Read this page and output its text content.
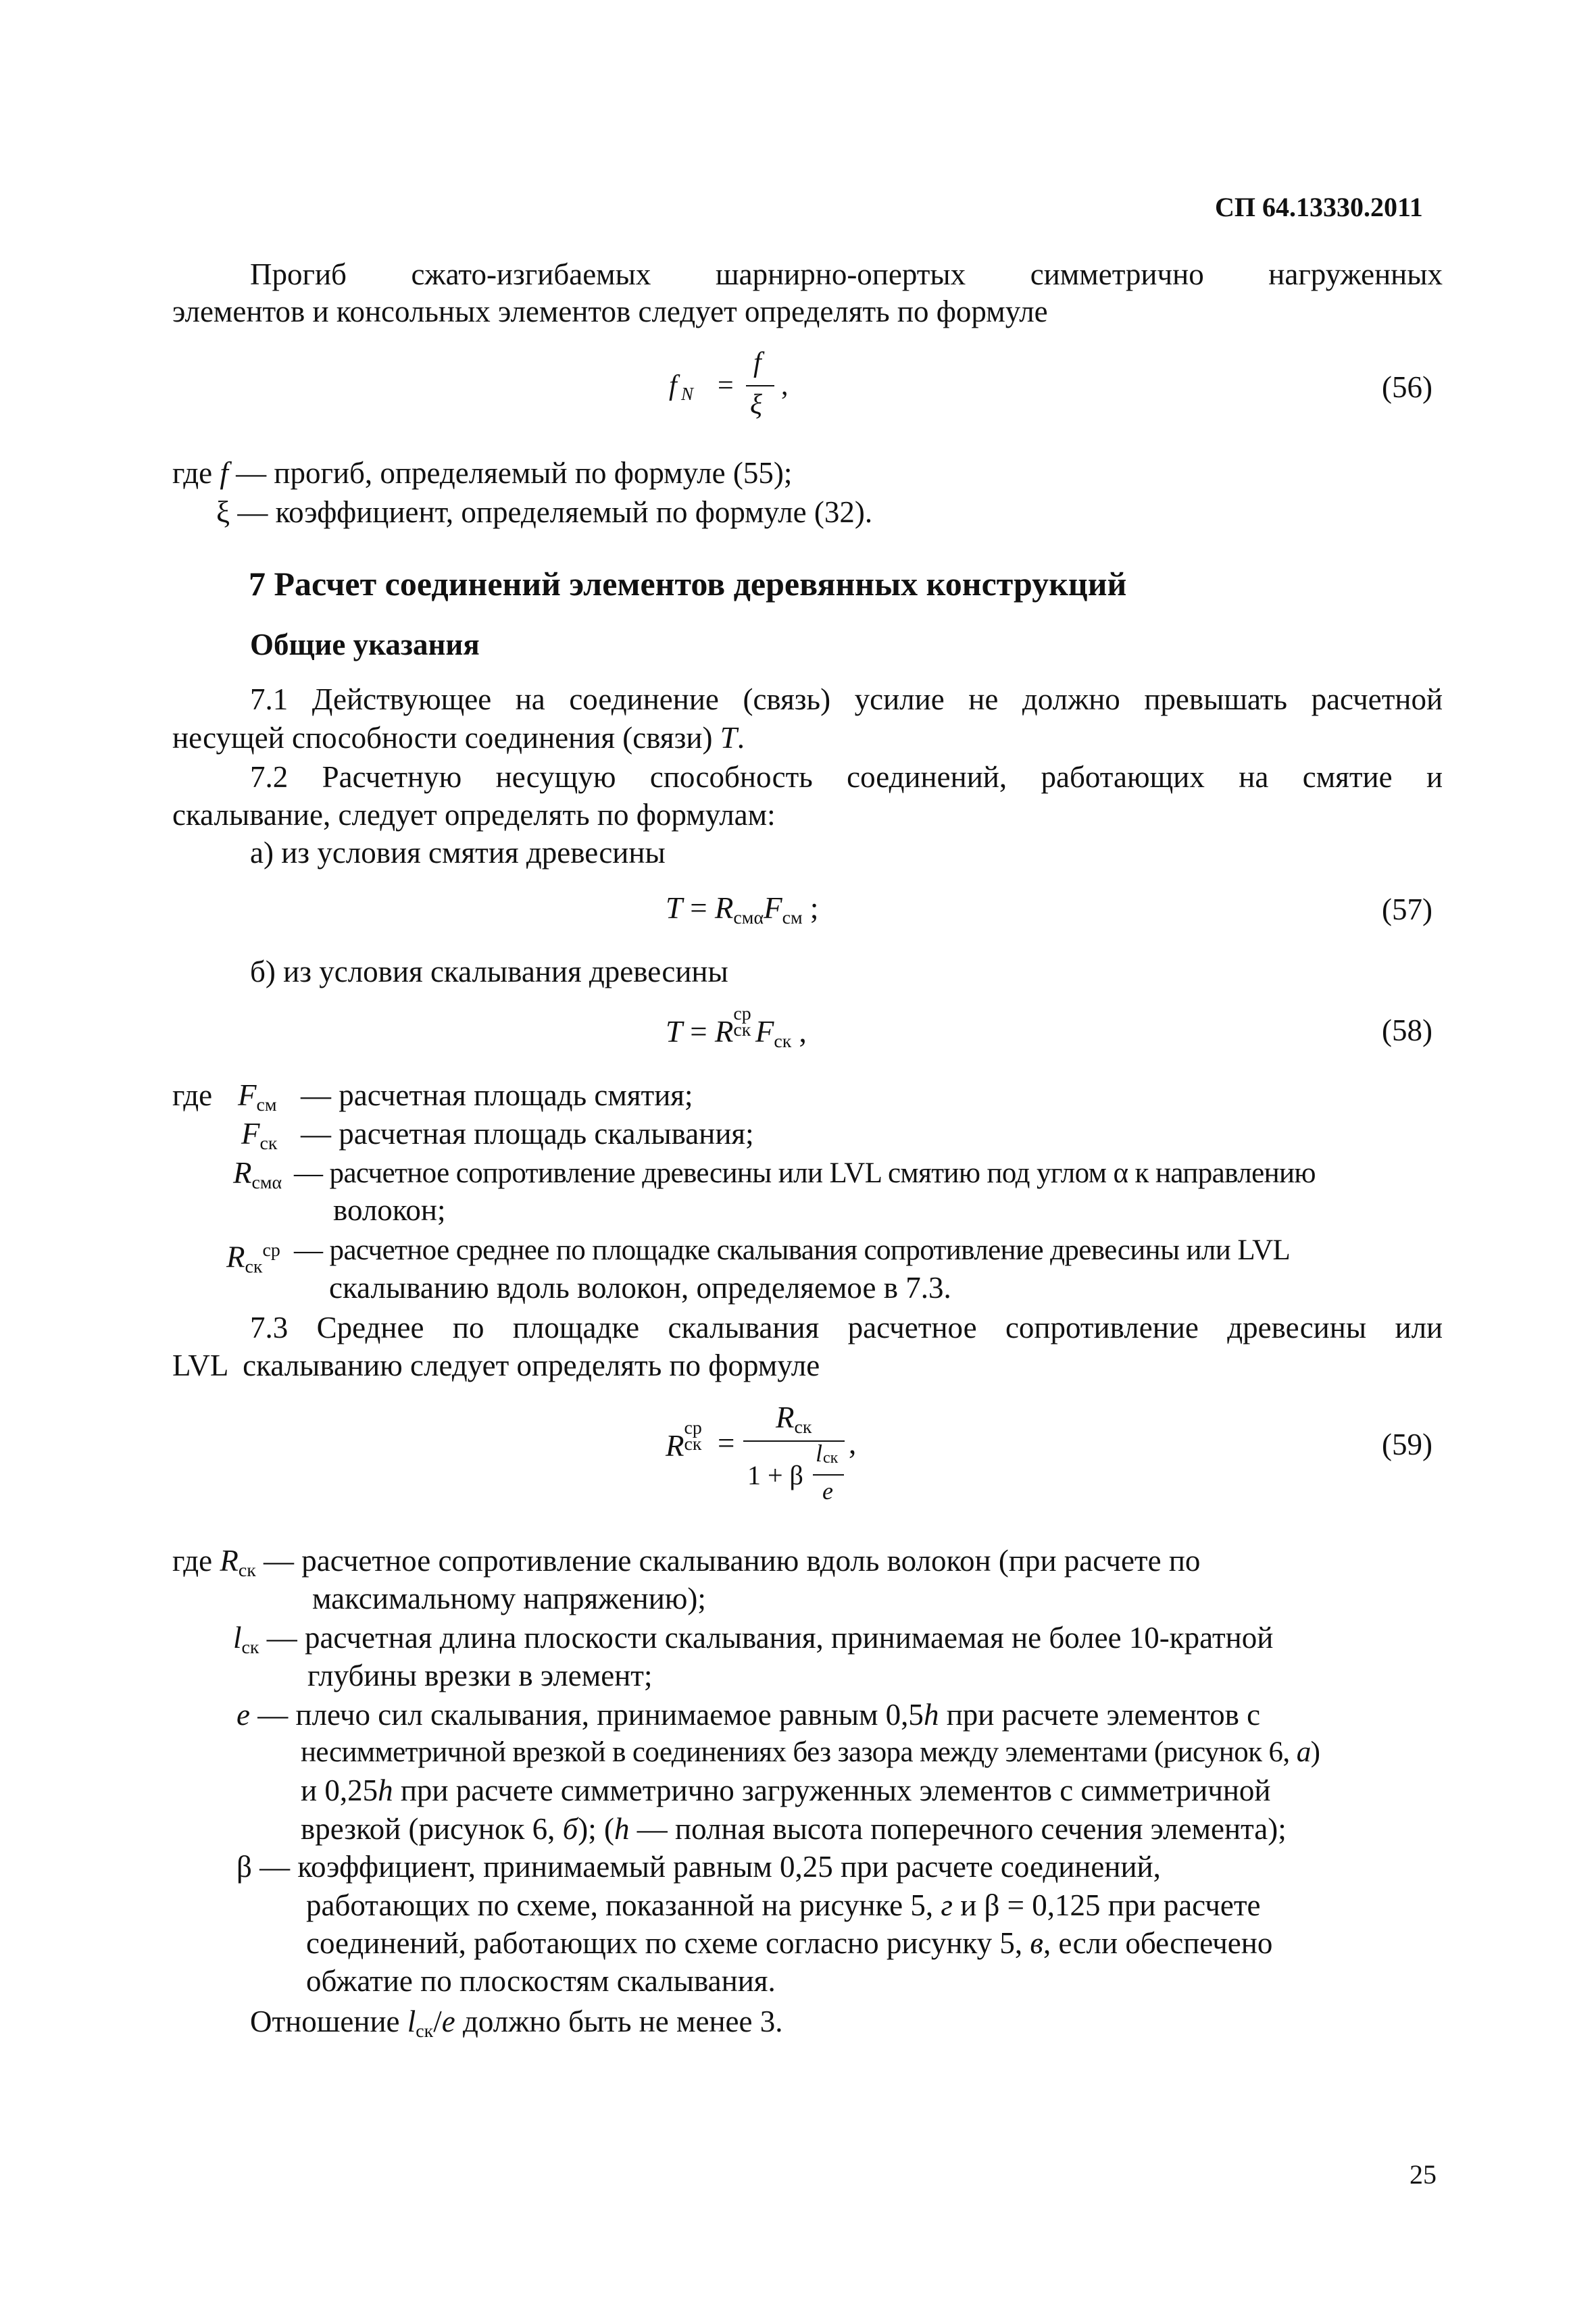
СП 64.13330.2011
Прогиб сжато-изгибаемых шарнирно-опертых симметрично нагруженных
элементов и консольных элементов следует определять по формуле
f N =
f
ξ
,	(56)
где f — прогиб, определяемый по формуле (55);
ξ — коэффициент, определяемый по формуле (32).
7 Расчет соединений элементов деревянных конструкций
Общие указания
7.1 Действующее на соединение (связь) усилие не должно превышать расчетной
несущей способности соединения (связи) T.
7.2 Расчетную несущую способность соединений, работающих на смятие и
скалывание, следует определять по формулам:
а) из условия смятия древесины
$T = R_{см\alpha}F_{см}$ ;	(57)
б) из условия скалывания древесины
T = R
ср
ск $F_{ск}$ ,	(58)
где $F_{см}$ — расчетная площадь смятия;
$F_{ск}$ — расчетная площадь скалывания;
$R_{см\alpha}$ — расчетное сопротивление древесины или LVL смятию под углом α к направлению
волокон;
$R_{ск}^{ср}$ — расчетное среднее по площадке скалывания сопротивление древесины или LVL
скалыванию вдоль волокон, определяемое в 7.3.
7.3 Среднее по площадке скалывания расчетное сопротивление древесины или
LVL  скалыванию следует определять по формуле
R
ср
ск =
$R_{ск}$
1 + β
l ск
e
,	(59)
где $R_{ск}$ — расчетное сопротивление скалыванию вдоль волокон (при расчете по
максимальному напряжению);
$l_{ск}$ — расчетная длина плоскости скалывания, принимаемая не более 10-кратной
глубины врезки в элемент;
e — плечо сил скалывания, принимаемое равным 0,5h при расчете элементов с
несимметричной врезкой в соединениях без зазора между элементами (рисунок 6, а)
и 0,25h при расчете симметрично загруженных элементов с симметричной
врезкой (рисунок 6, б); (h — полная высота поперечного сечения элемента);
β — коэффициент, принимаемый равным 0,25 при расчете соединений,
работающих по схеме, показанной на рисунке 5, г и β = 0,125 при расчете
соединений, работающих по схеме согласно рисунку 5, в, если обеспечено
обжатие по плоскостям скалывания.
Отношение $l_{ск}/e$ должно быть не менее 3.
25
